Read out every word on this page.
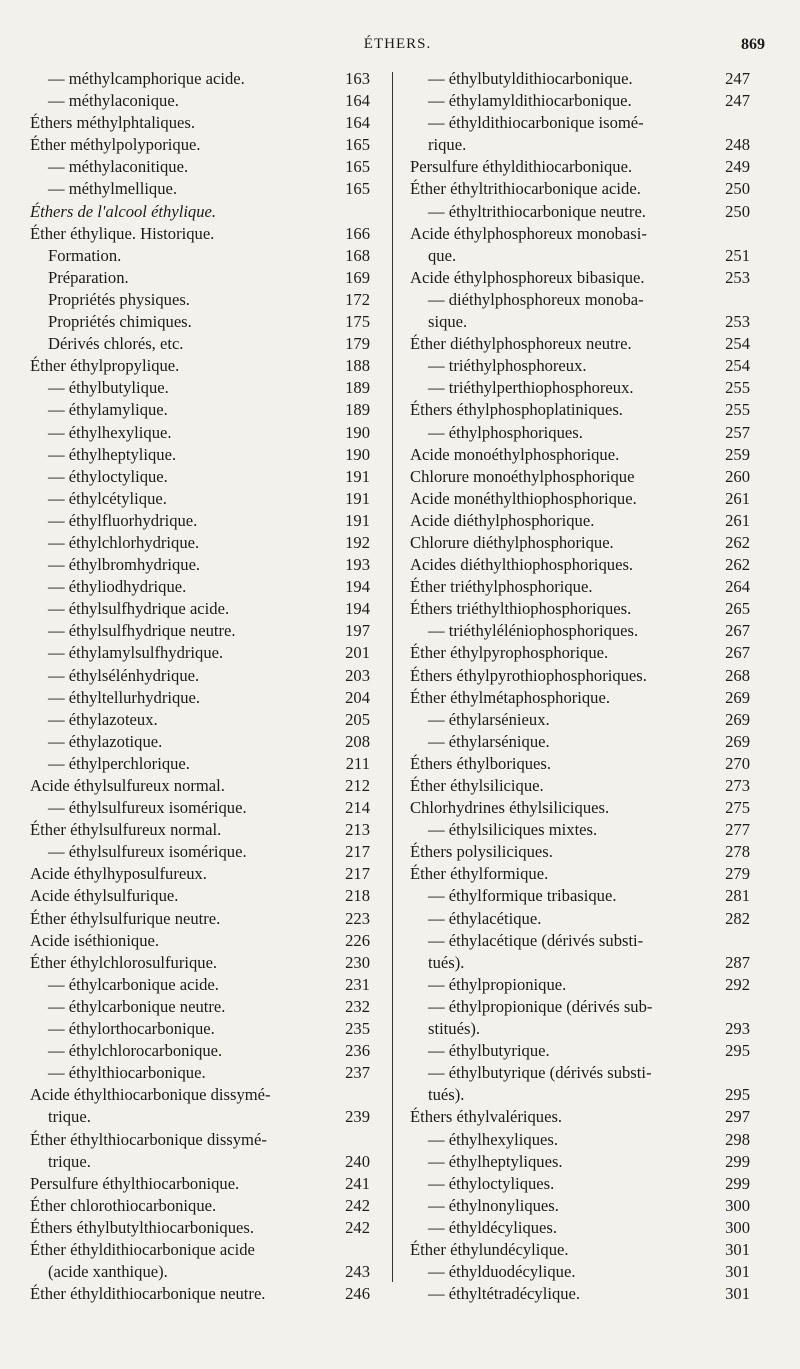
ÉTHERS.	869
— méthylcamphorique acide.	163
— méthylaconique.	164
Éthers méthylphtaliques.	164
Éther méthylpolyporique.	165
— méthylaconitique.	165
— méthylmellique.	165
Éthers de l'alcool éthylique.
Éther éthylique. Historique.	166
Formation.	168
Préparation.	169
Propriétés physiques.	172
Propriétés chimiques.	175
Dérivés chlorés, etc.	179
Éther éthylpropylique.	188
— éthylbutylique.	189
— éthylamylique.	189
— éthylhexylique.	190
— éthylheptylique.	190
— éthyloctylique.	191
— éthylcétylique.	191
— éthylfluorhydrique.	191
— éthylchlorhydrique.	192
— éthylbromhydrique.	193
— éthyliodhydrique.	194
— éthylsulfhydrique acide.	194
— éthylsulfhydrique neutre.	197
— éthylamylsulfhydrique.	201
— éthylsélénhydrique.	203
— éthyltellurhydrique.	204
— éthylazoteux.	205
— éthylazotique.	208
— éthylperchlorique.	211
Acide éthylsulfureux normal.	212
— éthylsulfureux isomérique.	214
Éther éthylsulfureux normal.	213
— éthylsulfureux isomérique.	217
Acide éthylhyposulfureux.	217
Acide éthylsulfurique.	218
Éther éthylsulfurique neutre.	223
Acide iséthionique.	226
Éther éthylchlorosulfurique.	230
— éthylcarbonique acide.	231
— éthylcarbonique neutre.	232
— éthylorthocarbonique.	235
— éthylchlorocarbonique.	236
— éthylthiocarbonique.	237
Acide éthylthiocarbonique dissymé-
trique.	239
Éther éthylthiocarbonique dissymé-
trique.	240
Persulfure éthylthiocarbonique.	241
Éther chlorothiocarbonique.	242
Éthers éthylbutylthiocarboniques.	242
Éther éthyldithiocarbonique acide
(acide xanthique).	243
Éther éthyldithiocarbonique neutre.	246
— éthylbutyldithiocarbonique.	247
— éthylamyldithiocarbonique.	247
— éthyldithiocarbonique isomé-
rique.	248
Persulfure éthyldithiocarbonique.	249
Éther éthyltrithiocarbonique acide.	250
— éthyltrithiocarbonique neutre.	250
Acide éthylphosphoreux monobasi-
que.	251
Acide éthylphosphoreux bibasique.	253
— diéthylphosphoreux monoba-
sique.	253
Éther diéthylphosphoreux neutre.	254
— triéthylphosphoreux.	254
— triéthylperthiophosphoreux.	255
Éthers éthylphosphoplatiniques.	255
— éthylphosphoriques.	257
Acide monoéthylphosphorique.	259
Chlorure monoéthylphosphorique	260
Acide monéthylthiophosphorique.	261
Acide diéthylphosphorique.	261
Chlorure diéthylphosphorique.	262
Acides diéthylthiophosphoriques.	262
Éther triéthylphosphorique.	264
Éthers triéthylthiophosphoriques.	265
— triéthyléléniophosphoriques.	267
Éther éthylpyrophosphorique.	267
Éthers éthylpyrothiophosphoriques.	268
Éther éthylmétaphosphorique.	269
— éthylarsénieux.	269
— éthylarsénique.	269
Éthers éthylboriques.	270
Éther éthylsilicique.	273
Chlorhydrines éthylsiliciques.	275
— éthylsiliciques mixtes.	277
Éthers polysiliciques.	278
Éther éthylformique.	279
— éthylformique tribasique.	281
— éthylacétique.	282
— éthylacétique (dérivés substi-
tués).	287
— éthylpropionique.	292
— éthylpropionique (dérivés sub-
stitués).	293
— éthylbutyrique.	295
— éthylbutyrique (dérivés substi-
tués).	295
Éthers éthylvalériques.	297
— éthylhexyliques.	298
— éthylheptyliques.	299
— éthyloctyliques.	299
— éthylnonyliques.	300
— éthyldécyliques.	300
Éther éthylundécylique.	301
— éthylduodécylique.	301
— éthyltétradécylique.	301
